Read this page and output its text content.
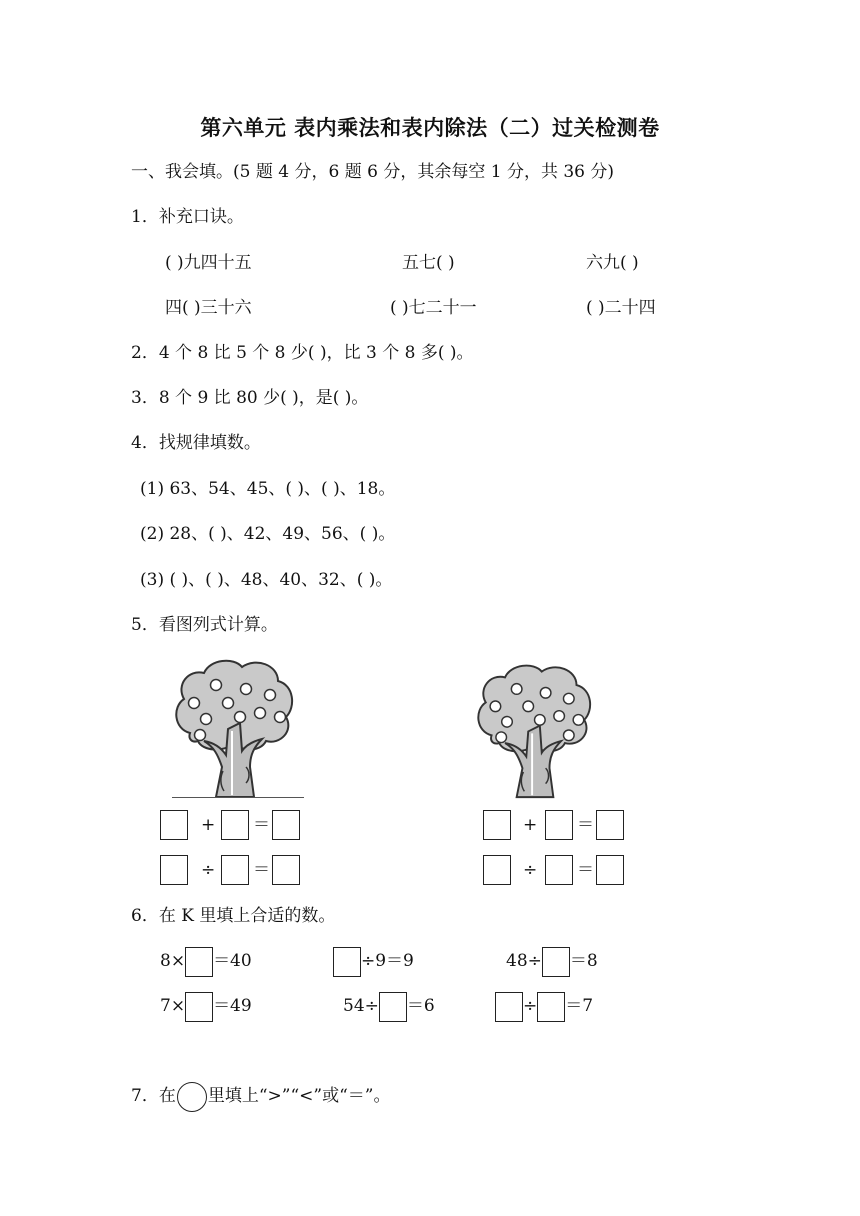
第六单元 表内乘法和表内除法（二）过关检测卷
一、我会填。(5 题 4 分，6 题 6 分，其余每空 1 分，共 36 分)
1．补充口诀。
( )九四十五	五七( )	六九( )
四( )三十六	( )七二十一	( )二十四
2．4 个 8 比 5 个 8 少( )，比 3 个 8 多( )。
3．8 个 9 比 80 少( )，是( )。
4．找规律填数。
(1) 63、54、45、( )、( )、18。
(2) 28、( )、42、49、56、( )。
(3) ( )、( )、48、40、32、( )。
5．看图列式计算。
+ ＝
÷ ＝
+ ＝
÷ ＝
6．在 K 里填上合适的数。
8× ＝40	÷9＝9	48÷ ＝8
7× ＝49	54÷ ＝6	÷ ＝7
7．在 里填上“>”“<”或“＝”。
